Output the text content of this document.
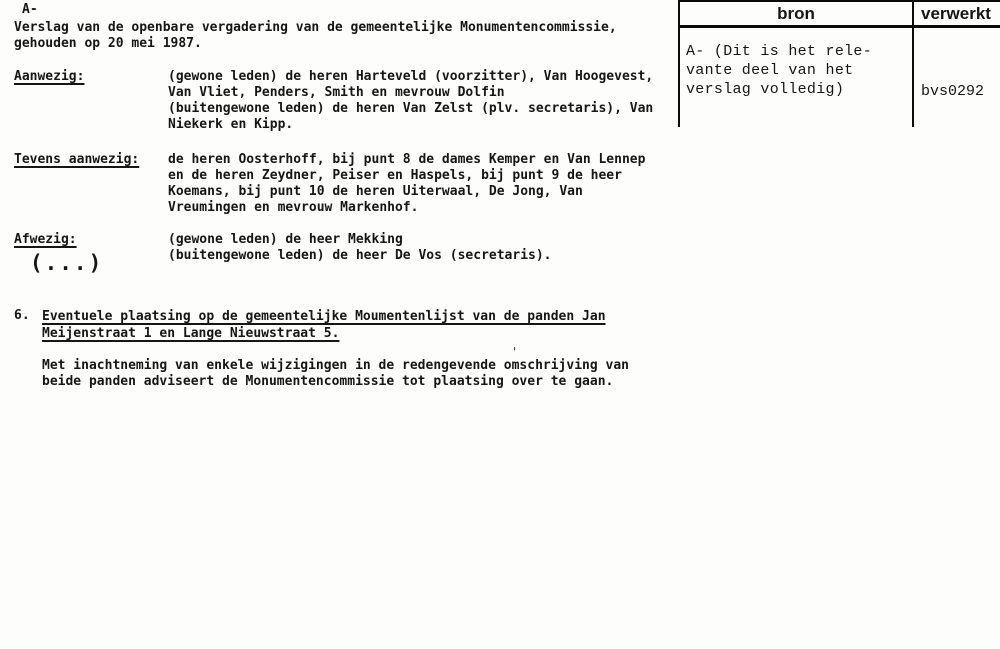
A-
Verslag van de openbare vergadering van de gemeentelijke Monumentencommissie,
gehouden op 20 mei 1987.
Aanwezig:	(gewone leden) de heren Harteveld (voorzitter), Van Hoogevest,
Van Vliet, Penders, Smith en mevrouw Dolfin
(buitengewone leden) de heren Van Zelst (plv. secretaris), Van
Niekerk en Kipp.
Tevens aanwezig: de heren Oosterhoff, bij punt 8 de dames Kemper en Van Lennep
en de heren Zeydner, Peiser en Haspels, bij punt 9 de heer
Koemans, bij punt 10 de heren Uiterwaal, De Jong, Van
Vreumingen en mevrouw Markenhof.
Afwezig:	(gewone leden) de heer Mekking
(buitengewone leden) de heer De Vos (secretaris).
(...)
6. Eventuele plaatsing op de gemeentelijke Moumentenlijst van de panden Jan
Meijenstraat 1 en Lange Nieuwstraat 5.
Met inachtneming van enkele wijzigingen in de redengevende omschrijving van
beide panden adviseert de Monumentencommissie tot plaatsing over te gaan.
'
bron	verwerkt
A- (Dit is het rele-
vante deel van het
verslag volledig)	bvs0292
